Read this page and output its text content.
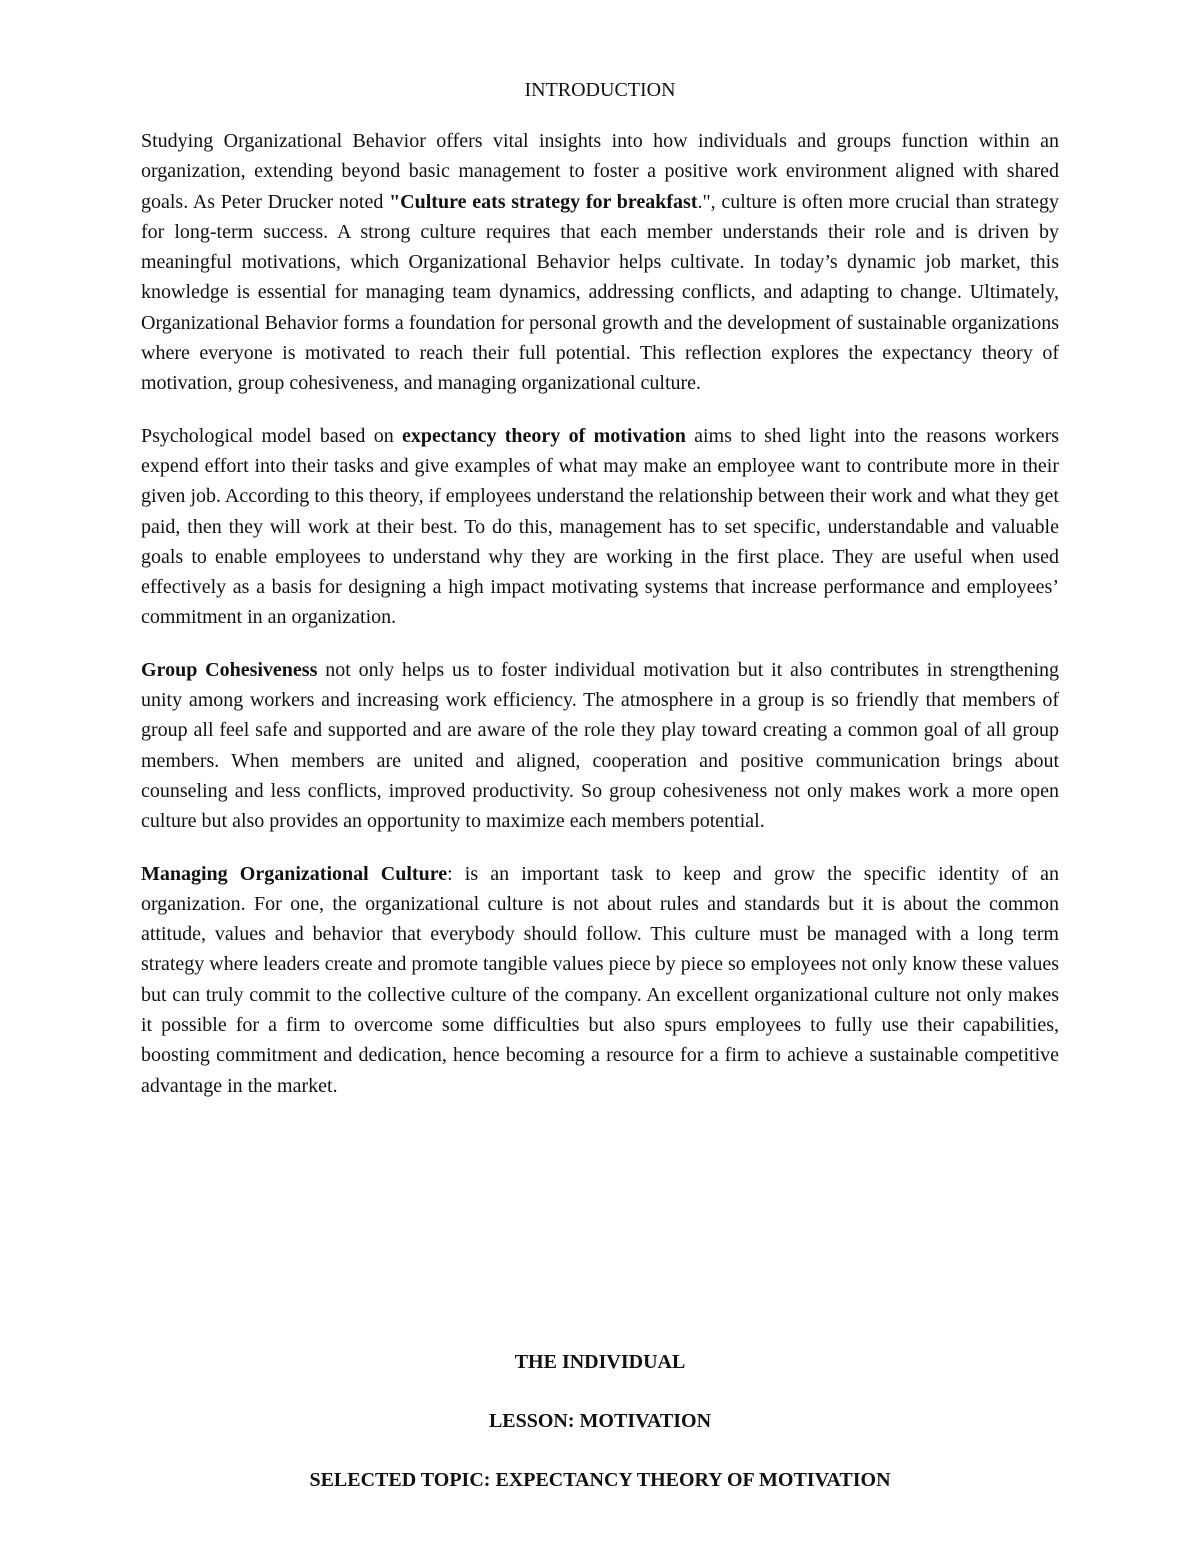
INTRODUCTION

Studying Organizational Behavior offers vital insights into how individuals and groups function within an organization, extending beyond basic management to foster a positive work environment aligned with shared goals. As Peter Drucker noted "Culture eats strategy for breakfast.", culture is often more crucial than strategy for long-term success. A strong culture requires that each member understands their role and is driven by meaningful motivations, which Organizational Behavior helps cultivate. In today’s dynamic job market, this knowledge is essential for managing team dynamics, addressing conflicts, and adapting to change. Ultimately, Organizational Behavior forms a foundation for personal growth and the development of sustainable organizations where everyone is motivated to reach their full potential. This reflection explores the expectancy theory of motivation, group cohesiveness, and managing organizational culture.

Psychological model based on expectancy theory of motivation aims to shed light into the reasons workers expend effort into their tasks and give examples of what may make an employee want to contribute more in their given job. According to this theory, if employees understand the relationship between their work and what they get paid, then they will work at their best. To do this, management has to set specific, understandable and valuable goals to enable employees to understand why they are working in the first place. They are useful when used effectively as a basis for designing a high impact motivating systems that increase performance and employees’ commitment in an organization.

Group Cohesiveness not only helps us to foster individual motivation but it also contributes in strengthening unity among workers and increasing work efficiency. The atmosphere in a group is so friendly that members of group all feel safe and supported and are aware of the role they play toward creating a common goal of all group members. When members are united and aligned, cooperation and positive communication brings about counseling and less conflicts, improved productivity. So group cohesiveness not only makes work a more open culture but also provides an opportunity to maximize each members potential.

Managing Organizational Culture: is an important task to keep and grow the specific identity of an organization. For one, the organizational culture is not about rules and standards but it is about the common attitude, values and behavior that everybody should follow. This culture must be managed with a long term strategy where leaders create and promote tangible values piece by piece so employees not only know these values but can truly commit to the collective culture of the company. An excellent organizational culture not only makes it possible for a firm to overcome some difficulties but also spurs employees to fully use their capabilities, boosting commitment and dedication, hence becoming a resource for a firm to achieve a sustainable competitive advantage in the market.

THE INDIVIDUAL
LESSON: MOTIVATION
SELECTED TOPIC: EXPECTANCY THEORY OF MOTIVATION
